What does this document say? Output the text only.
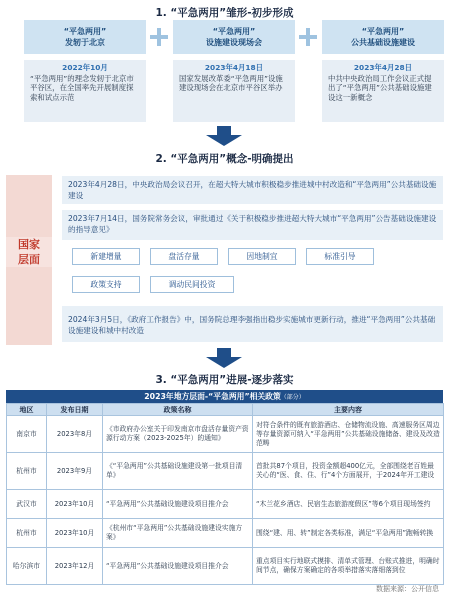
1. “平急两用”雏形-初步形成
“平急两用”
发轫于北京
2022年10月
“平急两用”的理念发轫于北京市平谷区，在全国率先开展制度探索和试点示范
“平急两用”
设施建设现场会
2023年4月18日
国家发展改革委“平急两用”设施建设现场会在北京市平谷区举办
“平急两用”
公共基础设施建设
2023年4月28日
中共中央政治局工作会议正式提出了“平急两用”公共基础设施建设这一新概念
2. “平急两用”概念-明确提出
国家
层面
2023年4月28日，中央政治局会议召开，在超大特大城市积极稳步推进城中村改造和“平急两用”公共基础设施建设
2023年7月14日，国务院常务会议，审批通过《关于积极稳步推进超大特大城市“平急两用”公告基础设施建设的指导意见》
新建增量	盘活存量	因地制宜	标准引导
政策支持	调动民间投资
2024年3月5日，《政府工作报告》中，国务院总理李强指出稳步实施城市更新行动，推进“平急两用”公共基础设施建设和城中村改造
3. “平急两用”进展-逐步落实
2023年地方层面-“平急两用”相关政策（部分）
地区	发布日期	政策名称	主要内容
南京市	2023年8月	《市政府办公室关于印发南京市盘活存量资产资源行动方案（2023-2025年）的通知》	对符合条件的既有旅游酒店、仓储物流设施、高速服务区周边等存量资源可纳入“平急两用”公共基础设施储备、建设及改造范畴
杭州市	2023年9月	《“平急两用”公共基础设施建设第一批项目清单》	首批共87个项目，投资金额超400亿元，全部围绕老百姓最关心的“医、食、住、行”4个方面展开，于2024年开工建设
武汉市	2023年10月	“平急两用”公共基础设施建设项目推介会	“木兰花乡酒店、民宿生态旅游度假区”等6个项目现场签约
杭州市	2023年10月	《杭州市“平急两用”公共基础设施建设实施方案》	围绕“建、用、转”制定各类标准，满足“平急两用”跑畅转换
哈尔滨市	2023年12月	“平急两用”公共基础设施建设项目推介会	重点项目实行地联式摸排、清单式管理、台账式推进，明确时间节点，确保方案确定的各项举措落实落细落到位
数据来源：公开信息
